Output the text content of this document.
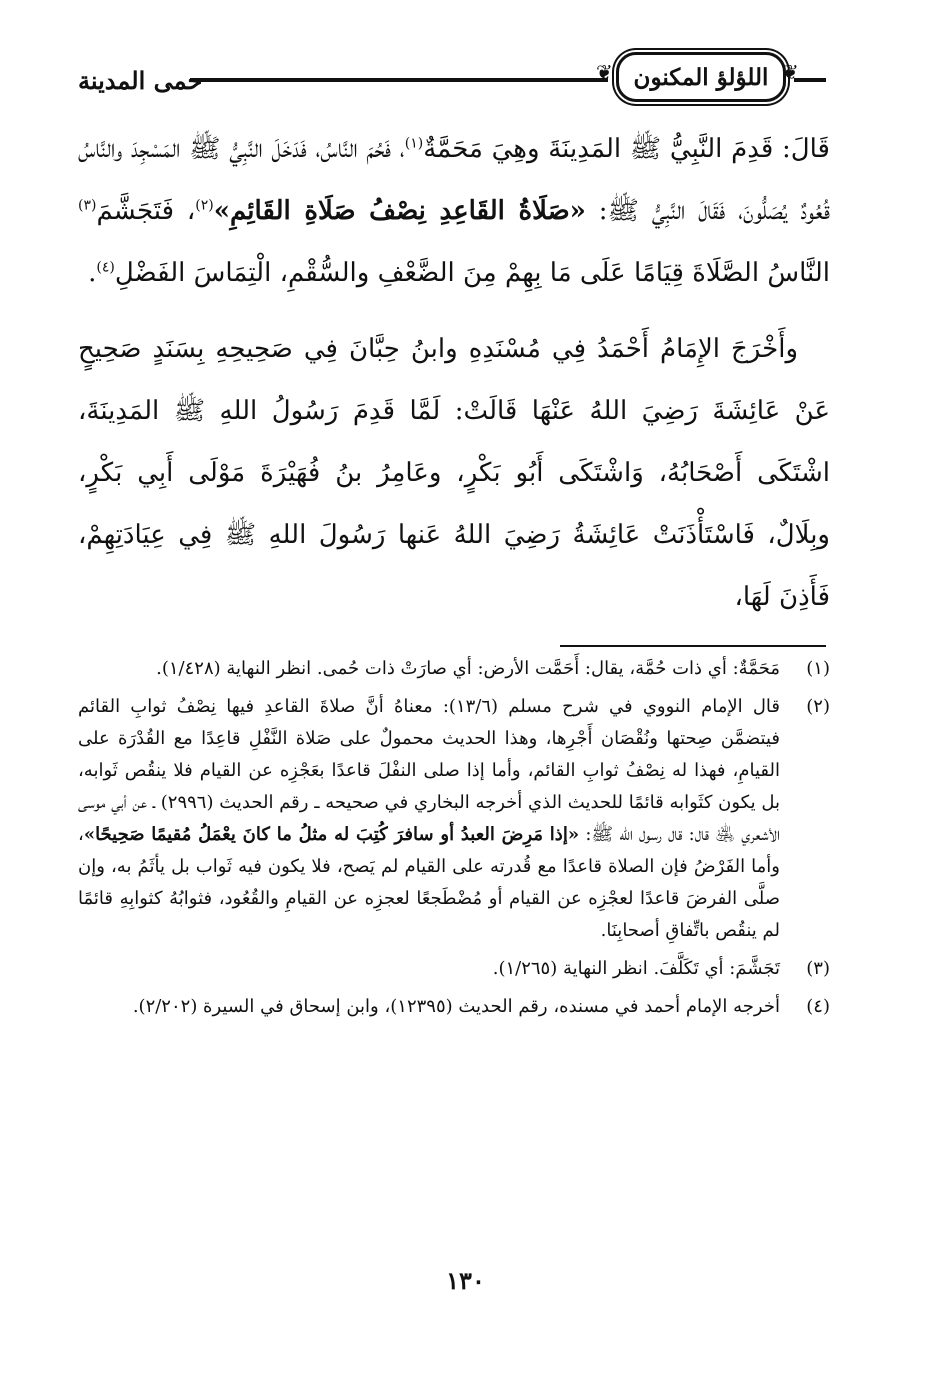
حمى المدينة	❦ اللؤلؤ المكنون ❦

قَالَ: قَدِمَ النَّبِيُّ ﷺ المَدِينَةَ وهِيَ مَحَمَّةٌ$^{(١)}$، فَحُمَ النَّاسُ، فَدَخَلَ النَّبِيُّ ﷺ المَسْجِدَ والنَّاسُ قُعُودٌ يُصَلُّونَ، فَقَالَ النَّبِيُّ ﷺ: «صَلَاةُ القَاعِدِ نِصْفُ صَلَاةِ القَائِمِ»$^{(٢)}$، فَتَجَشَّمَ$^{(٣)}$ النَّاسُ الصَّلَاةَ قِيَامًا عَلَى مَا بِهِمْ مِنَ الضَّعْفِ والسُّقْمِ، الْتِمَاسَ الفَضْلِ$^{(٤)}$.

وأَخْرَجَ الإِمَامُ أَحْمَدُ فِي مُسْنَدِهِ وابنُ حِبَّانَ فِي صَحِيحِهِ بِسَنَدٍ صَحِيحٍ عَنْ عَائِشَةَ رَضِيَ اللهُ عَنْهَا قَالَتْ: لَمَّا قَدِمَ رَسُولُ اللهِ ﷺ المَدِينَةَ، اشْتَكَى أَصْحَابُهُ، وَاشْتَكَى أَبُو بَكْرٍ، وعَامِرُ بنُ فُهَيْرَةَ مَوْلَى أَبِي بَكْرٍ، وبِلَالٌ، فَاسْتَأْذَنَتْ عَائِشَةُ رَضِيَ اللهُ عَنها رَسُولَ اللهِ ﷺ فِي عِيَادَتِهِمْ، فَأَذِنَ لَهَا،

(١)
مَحَمَّةٌ: أي ذات حُمَّة، يقال: أَحَمَّت الأرض: أي صارَتْ ذات حُمى. انظر النهاية (١/٤٢٨).
(٢)
قال الإمام النووي في شرح مسلم (١٣/٦): معناهُ أنَّ صلاةَ القاعدِ فيها نِصْفُ ثوابِ القائم فيتضمَّن صِحتها ونُقْصَان أَجْرِها، وهذا الحديث محمولٌ على صَلاة النَّفْلِ قاعِدًا مع القُدْرَة على القيامِ، فهذا له نِصْفُ ثوابِ القائم، وأما إذا صلى النفْلَ قاعدًا بعَجْزِه عن القيام فلا ينقُص ثَوابه، بل يكون كثَوابه قائمًا للحديث الذي أخرجه البخاري في صحيحه ـ رقم الحديث (٢٩٩٦) ـ عن أبي موسى الأشعري ﵁ قال: قال رسول الله ﷺ: «إذا مَرِضَ العبدُ أو سافرَ كُتِبَ له مثلُ ما كانَ يعْمَلُ مُقيمًا صَحِيحًا»، وأما الفَرْضُ فإن الصلاة قاعدًا مع قُدرته على القيام لم يَصح، فلا يكون فيه ثَواب بل يأثَمُ به، وإن صلَّى الفرضَ قاعدًا لعجْزِه عن القيام أو مُضْطَجعًا لعجزِه عن القيامِ والقُعُود، فثوابُهُ كثوابِهِ قائمًا لم ينقُص باتِّفاقِ أصحابِنَا.
(٣)
تَجَشَّمَ: أي تَكَلَّفَ. انظر النهاية (١/٢٦٥).
(٤)
أخرجه الإمام أحمد في مسنده، رقم الحديث (١٢٣٩٥)، وابن إسحاق في السيرة (٢/٢٠٢).
١٣٠
